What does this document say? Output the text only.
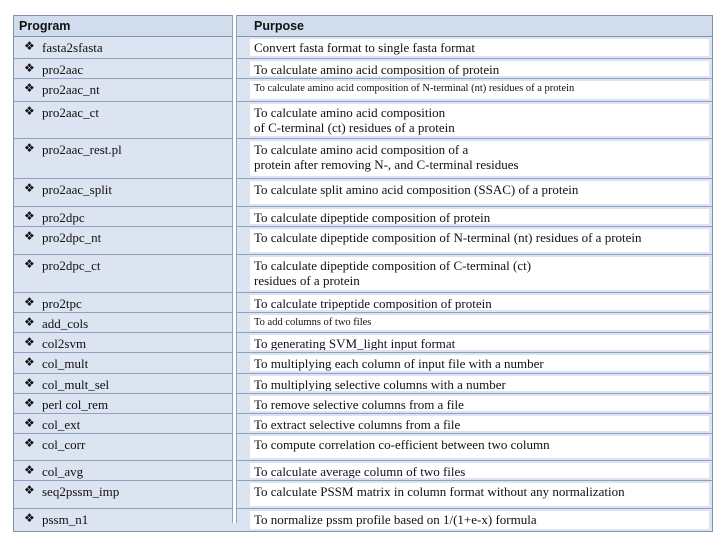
Program	Purpose
❖ fasta2sfasta	Convert fasta format to single fasta format
❖ pro2aac	To calculate amino acid composition of protein
❖ pro2aac_nt	To calculate amino acid composition of N-terminal (nt) residues of a protein
❖ pro2aac_ct	To calculate amino acid composition
of C-terminal (ct) residues of a protein
❖ pro2aac_rest.pl	To calculate amino acid composition of a
protein after removing N-, and C-terminal residues
❖ pro2aac_split	To calculate split amino acid composition (SSAC) of a protein
❖ pro2dpc	To calculate dipeptide composition of protein
❖ pro2dpc_nt	To calculate dipeptide composition of N-terminal (nt) residues of a protein
❖ pro2dpc_ct	To calculate dipeptide composition of C-terminal (ct)
residues of a protein
❖ pro2tpc	To calculate tripeptide composition of protein
❖ add_cols	To add columns of two files
❖ col2svm	To generating SVM_light input format
❖ col_mult	To multiplying each column of input file with a number
❖ col_mult_sel	To multiplying selective columns with a number
❖ perl col_rem	To remove selective columns from a file
❖ col_ext	To extract selective columns from a file
❖ col_corr	To compute correlation co-efficient between two column
❖ col_avg	To calculate average column of two files
❖ seq2pssm_imp	To calculate PSSM matrix in column format without any normalization
❖ pssm_n1	To normalize pssm profile based on 1/(1+e-x) formula
